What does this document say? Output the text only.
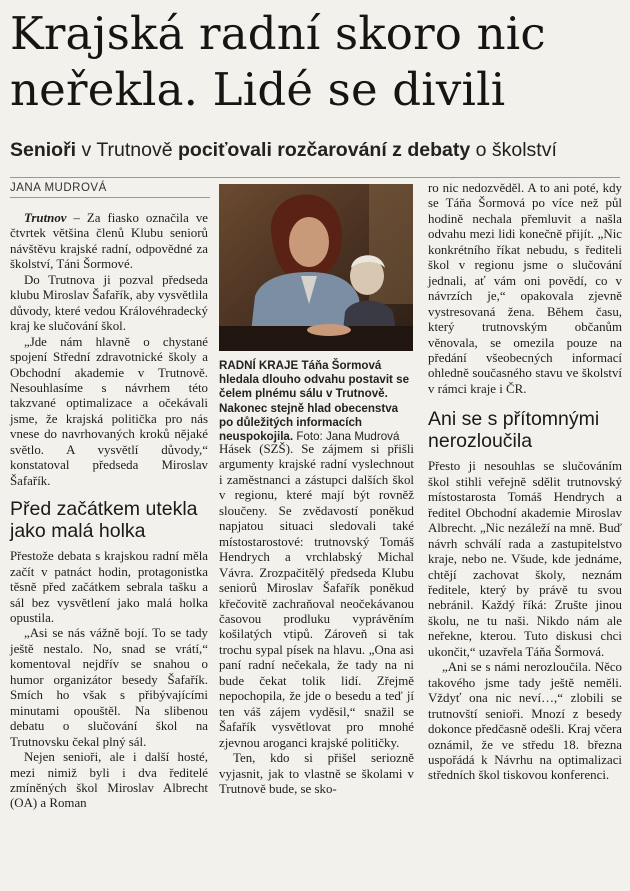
Krajská radní skoro nic neřekla. Lidé se divili
Senioři v Trutnově pociťovali rozčarování z debaty o školství
JANA MUDROVÁ

Trutnov – Za fiasko označila ve čtvrtek většina členů Klubu seniorů návštěvu krajské radní, odpovědné za školství, Táni Šormové.

Do Trutnova ji pozval předseda klubu Miroslav Šafařík, aby vysvětlila důvody, které vedou Královéhradecký kraj ke slučování škol.

„Jde nám hlavně o chystané spojení Střední zdravotnické školy a Obchodní akademie v Trutnově. Nesouhlasíme s návrhem této takzvané optimalizace a očekávali jsme, že krajská politička pro nás vnese do navrhovaných kroků nějaké světlo. A vysvětlí důvody,“ konstatoval předseda Miroslav Šafařík.

Před začátkem utekla jako malá holka

Přestože debata s krajskou radní měla začít v patnáct hodin, protagonistka těsně před začátkem sebrala tašku a sál bez vysvětlení jako malá holka opustila.

„Asi se nás vážně bojí. To se tady ještě nestalo. No, snad se vrátí,“ komentoval nejdřív se snahou o humor organizátor besedy Šafařík. Smích ho však s přibývajícími minutami opouštěl. Na slibenou debatu o slučování škol na Trutnovsku čekal plný sál.

Nejen senioři, ale i další hosté, mezi nimiž byli i dva ředitelé zmíněných škol Miroslav Albrecht (OA) a Roman

RADNÍ KRAJE Táňa Šormová hledala dlouho odvahu postavit se čelem plnému sálu v Trutnově. Nakonec stejně hlad obecenstva po důležitých informacích neuspokojila. Foto: Jana Mudrová

Hásek (SZŠ). Se zájmem si přišli argumenty krajské radní vyslechnout i zaměstnanci a zástupci dalších škol v regionu, které mají být rovněž sloučeny. Se zvědavostí poněkud napjatou situaci sledovali také místostarostové: trutnovský Tomáš Hendrych a vrchlabský Michal Vávra. Zrozpačitělý předseda Klubu seniorů Miroslav Šafařík poněkud křečovitě zachraňoval neočekávanou časovou prodluku vyprávěním košilatých vtipů. Zároveň si tak trochu sypal písek na hlavu. „Ona asi paní radní nečekala, že tady na ni bude čekat tolik lidí. Zřejmě nepochopila, že jde o besedu a teď jí ten váš zájem vyděsil,“ snažil se Šafařík vysvětlovat pro mnohé zjevnou aroganci krajské političky.

Ten, kdo si přišel seriozně vyjasnit, jak to vlastně se školami v Trutnově bude, se sko-

ro nic nedozvěděl. A to ani poté, kdy se Táňa Šormová po více než půl hodině nechala přemluvit a našla odvahu mezi lidi konečně přijít. „Nic konkrétního říkat nebudu, s řediteli škol v regionu jsme o slučování jednali, ať vám oni povědí, co v návrzích je,“ opakovala zjevně vystresovaná žena. Během času, který trutnovským občanům věnovala, se omezila pouze na předání všeobecných informací ohledně současného stavu ve školství v rámci kraje i ČR.

Ani se s přítomnými nerozloučila

Přesto ji nesouhlas se slučováním škol stihli veřejně sdělit trutnovský místostarosta Tomáš Hendrych a ředitel Obchodní akademie Miroslav Albrecht. „Nic nezáleží na mně. Buď návrh schválí rada a zastupitelstvo kraje, nebo ne. Všude, kde jednáme, chtějí zachovat školy, neznám ředitele, který by právě tu svou nebránil. Každý říká: Zrušte jinou školu, ne tu naši. Nikdo nám ale neřekne, kterou. Tuto diskusi chci ukončit,“ uzavřela Táňa Šormová.

„Ani se s námi nerozloučila. Něco takového jsme tady ještě neměli. Vždyť ona nic neví…,“ zlobili se trutnovští senioři. Mnozí z besedy dokonce předčasně odešli. Kraj včera oznámil, že ve středu 18. března uspořádá k Návrhu na optimalizaci středních škol tiskovou konferenci.
